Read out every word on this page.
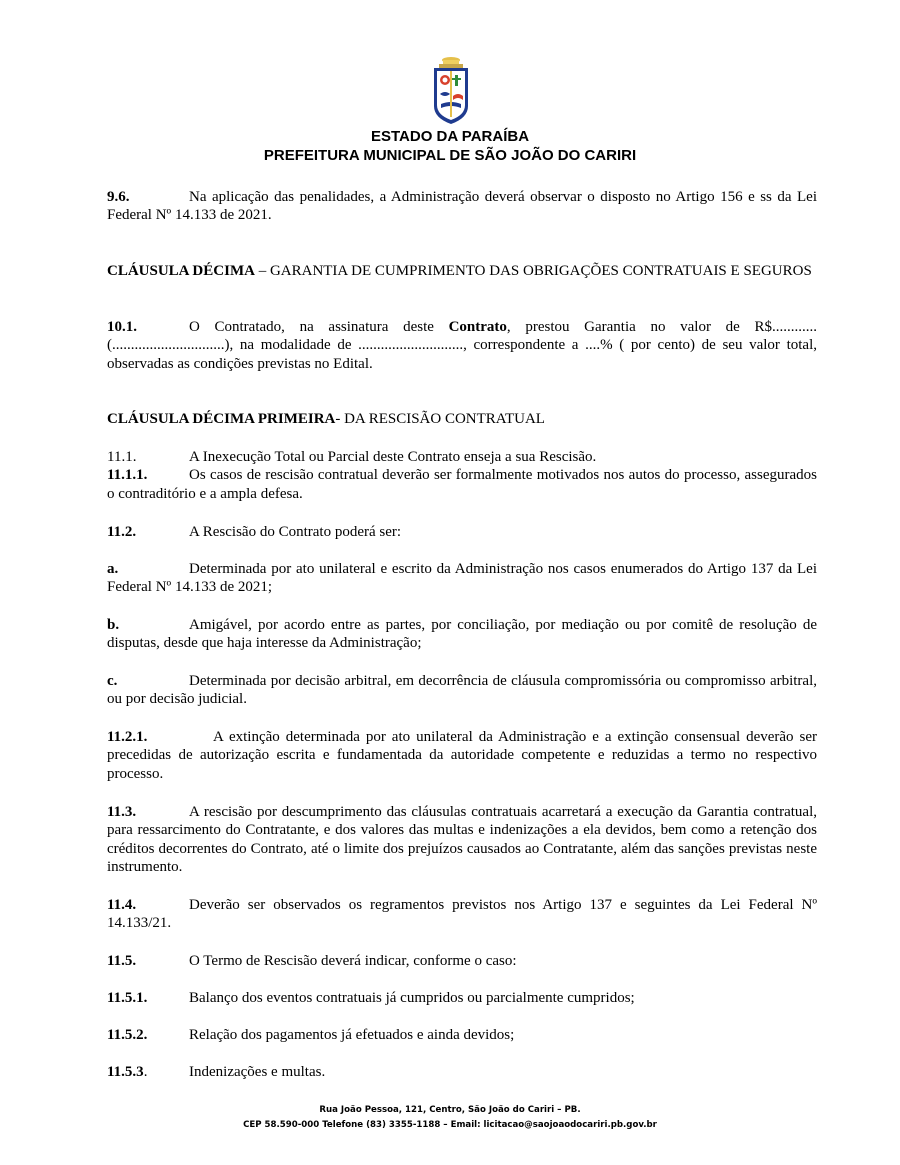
ESTADO DA PARAÍBA
PREFEITURA MUNICIPAL DE SÃO JOÃO DO CARIRI

9.6.	Na aplicação das penalidades, a Administração deverá observar o disposto no Artigo 156 e ss da Lei Federal Nº 14.133 de 2021.

CLÁUSULA DÉCIMA – GARANTIA DE CUMPRIMENTO DAS OBRIGAÇÕES CONTRATUAIS E SEGUROS

10.1.	O Contratado, na assinatura deste Contrato, prestou Garantia no valor de R$............ (..............................), na modalidade de ............................, correspondente a ....% ( por cento) de seu valor total, observadas as condições previstas no Edital.

CLÁUSULA DÉCIMA PRIMEIRA- DA RESCISÃO CONTRATUAL

11.1.	A Inexecução Total ou Parcial deste Contrato enseja a sua Rescisão.

11.1.1.	Os casos de rescisão contratual deverão ser formalmente motivados nos autos do processo, assegurados o contraditório e a ampla defesa.

11.2.	A Rescisão do Contrato poderá ser:

a.	Determinada por ato unilateral e escrito da Administração nos casos enumerados do Artigo 137 da Lei Federal Nº 14.133 de 2021;

b.	Amigável, por acordo entre as partes, por conciliação, por mediação ou por comitê de resolução de disputas, desde que haja interesse da Administração;

c.	Determinada por decisão arbitral, em decorrência de cláusula compromissória ou compromisso arbitral, ou por decisão judicial.

11.2.1.	A extinção determinada por ato unilateral da Administração e a extinção consensual deverão ser precedidas de autorização escrita e fundamentada da autoridade competente e reduzidas a termo no respectivo processo.

11.3.	A rescisão por descumprimento das cláusulas contratuais acarretará a execução da Garantia contratual, para ressarcimento do Contratante, e dos valores das multas e indenizações a ela devidos, bem como a retenção dos créditos decorrentes do Contrato, até o limite dos prejuízos causados ao Contratante, além das sanções previstas neste instrumento.

11.4.	Deverão ser observados os regramentos previstos nos Artigo 137 e seguintes da Lei Federal Nº 14.133/21.

11.5.	O Termo de Rescisão deverá indicar, conforme o caso:

11.5.1.	Balanço dos eventos contratuais já cumpridos ou parcialmente cumpridos;

11.5.2.	Relação dos pagamentos já efetuados e ainda devidos;

11.5.3.	Indenizações e multas.

Rua João Pessoa, 121, Centro, São João do Cariri – PB.
CEP 58.590-000 Telefone (83) 3355-1188 – Email: licitacao@saojoaodocariri.pb.gov.br
